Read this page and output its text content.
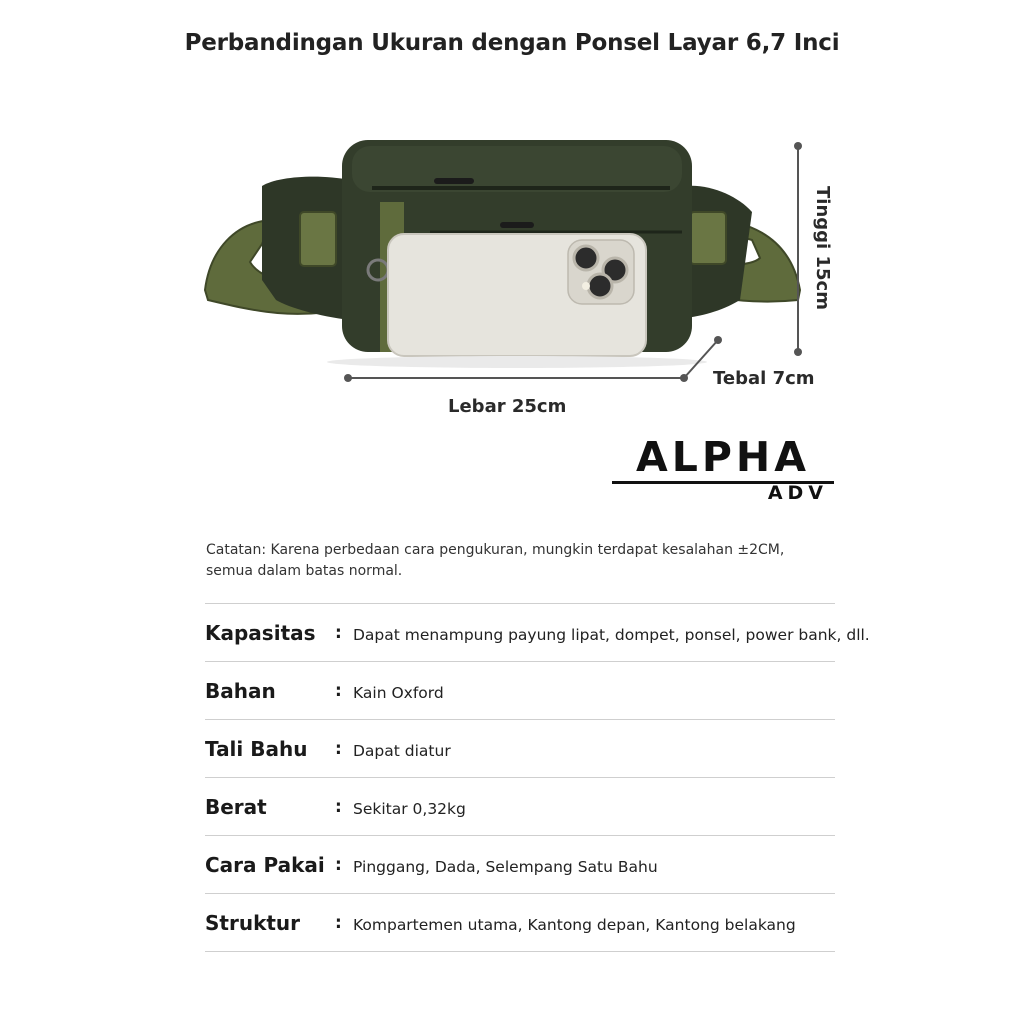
Perbandingan Ukuran dengan Ponsel Layar 6,7 Inci
Lebar 25cm
Tebal 7cm
Tinggi 15cm
ALPHA
ADV
Catatan: Karena perbedaan cara pengukuran, mungkin terdapat kesalahan ±2CM, semua dalam batas normal.
Kapasitas : Dapat menampung payung lipat, dompet, ponsel, power bank, dll.
Bahan	: Kain Oxford
Tali Bahu : Dapat diatur
Berat	: Sekitar 0,32kg
Cara Pakai : Pinggang, Dada, Selempang Satu Bahu
Struktur : Kompartemen utama, Kantong depan, Kantong belakang
